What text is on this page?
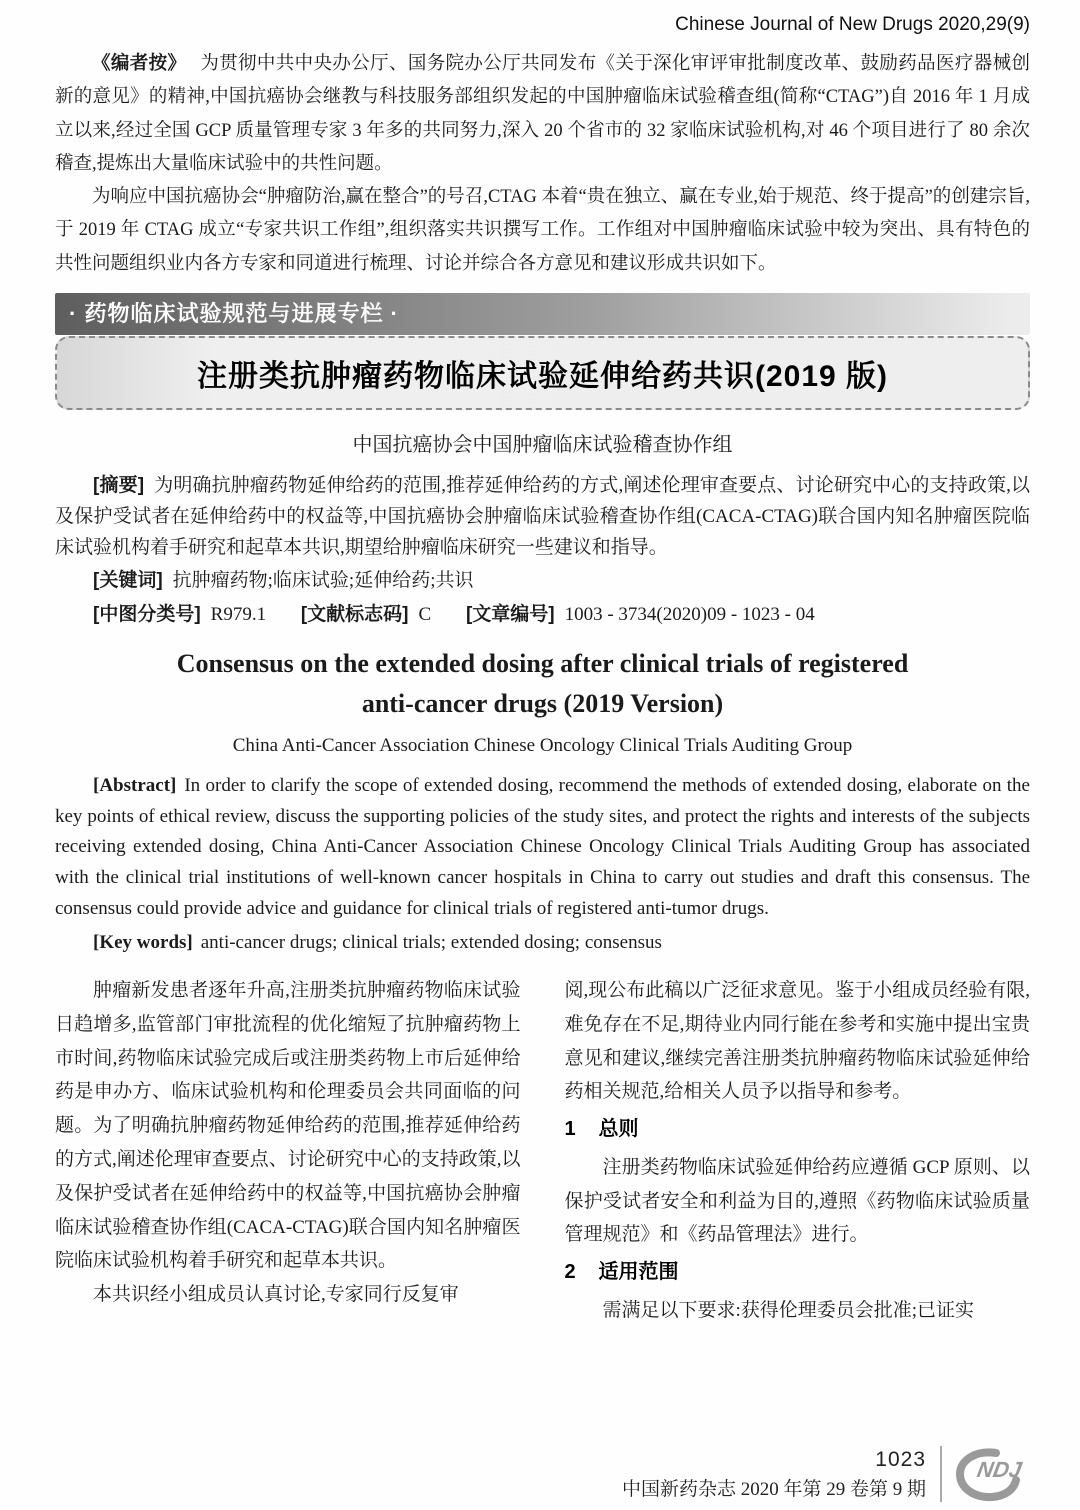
Chinese Journal of New Drugs 2020,29(9)

《编者按》 为贯彻中共中央办公厅、国务院办公厅共同发布《关于深化审评审批制度改革、鼓励药品医疗器械创新的意见》的精神,中国抗癌协会继教与科技服务部组织发起的中国肿瘤临床试验稽查组(简称“CTAG”)自 2016 年 1 月成立以来,经过全国 GCP 质量管理专家 3 年多的共同努力,深入 20 个省市的 32 家临床试验机构,对 46 个项目进行了 80 余次稽查,提炼出大量临床试验中的共性问题。

为响应中国抗癌协会“肿瘤防治,赢在整合”的号召,CTAG 本着“贵在独立、赢在专业,始于规范、终于提高”的创建宗旨,于 2019 年 CTAG 成立“专家共识工作组”,组织落实共识撰写工作。工作组对中国肿瘤临床试验中较为突出、具有特色的共性问题组织业内各方专家和同道进行梳理、讨论并综合各方意见和建议形成共识如下。

· 药物临床试验规范与进展专栏 ·
注册类抗肿瘤药物临床试验延伸给药共识(2019 版)
中国抗癌协会中国肿瘤临床试验稽查协作组

[摘要] 为明确抗肿瘤药物延伸给药的范围,推荐延伸给药的方式,阐述伦理审查要点、讨论研究中心的支持政策,以及保护受试者在延伸给药中的权益等,中国抗癌协会肿瘤临床试验稽查协作组(CACA-CTAG)联合国内知名肿瘤医院临床试验机构着手研究和起草本共识,期望给肿瘤临床研究一些建议和指导。

[关键词] 抗肿瘤药物;临床试验;延伸给药;共识

[中图分类号] R979.1 [文献标志码] C [文章编号] 1003 - 3734(2020)09 - 1023 - 04

Consensus on the extended dosing after clinical trials of registered
anti-cancer drugs (2019 Version)
China Anti-Cancer Association Chinese Oncology Clinical Trials Auditing Group

[Abstract] In order to clarify the scope of extended dosing, recommend the methods of extended dosing, elaborate on the key points of ethical review, discuss the supporting policies of the study sites, and protect the rights and interests of the subjects receiving extended dosing, China Anti-Cancer Association Chinese Oncology Clinical Trials Auditing Group has associated with the clinical trial institutions of well-known cancer hospitals in China to carry out studies and draft this consensus. The consensus could provide advice and guidance for clinical trials of registered anti-tumor drugs.

[Key words] anti-cancer drugs; clinical trials; extended dosing; consensus

肿瘤新发患者逐年升高,注册类抗肿瘤药物临床试验日趋增多,监管部门审批流程的优化缩短了抗肿瘤药物上市时间,药物临床试验完成后或注册类药物上市后延伸给药是申办方、临床试验机构和伦理委员会共同面临的问题。为了明确抗肿瘤药物延伸给药的范围,推荐延伸给药的方式,阐述伦理审查要点、讨论研究中心的支持政策,以及保护受试者在延伸给药中的权益等,中国抗癌协会肿瘤临床试验稽查协作组(CACA-CTAG)联合国内知名肿瘤医院临床试验机构着手研究和起草本共识。

本共识经小组成员认真讨论,专家同行反复审

阅,现公布此稿以广泛征求意见。鉴于小组成员经验有限,难免存在不足,期待业内同行能在参考和实施中提出宝贵意见和建议,继续完善注册类抗肿瘤药物临床试验延伸给药相关规范,给相关人员予以指导和参考。

1 总则

注册类药物临床试验延伸给药应遵循 GCP 原则、以保护受试者安全和利益为目的,遵照《药物临床试验质量管理规范》和《药品管理法》进行。

2 适用范围

需满足以下要求:获得伦理委员会批准;已证实

1023
中国新药杂志 2020 年第 29 卷第 9 期
NDJ
